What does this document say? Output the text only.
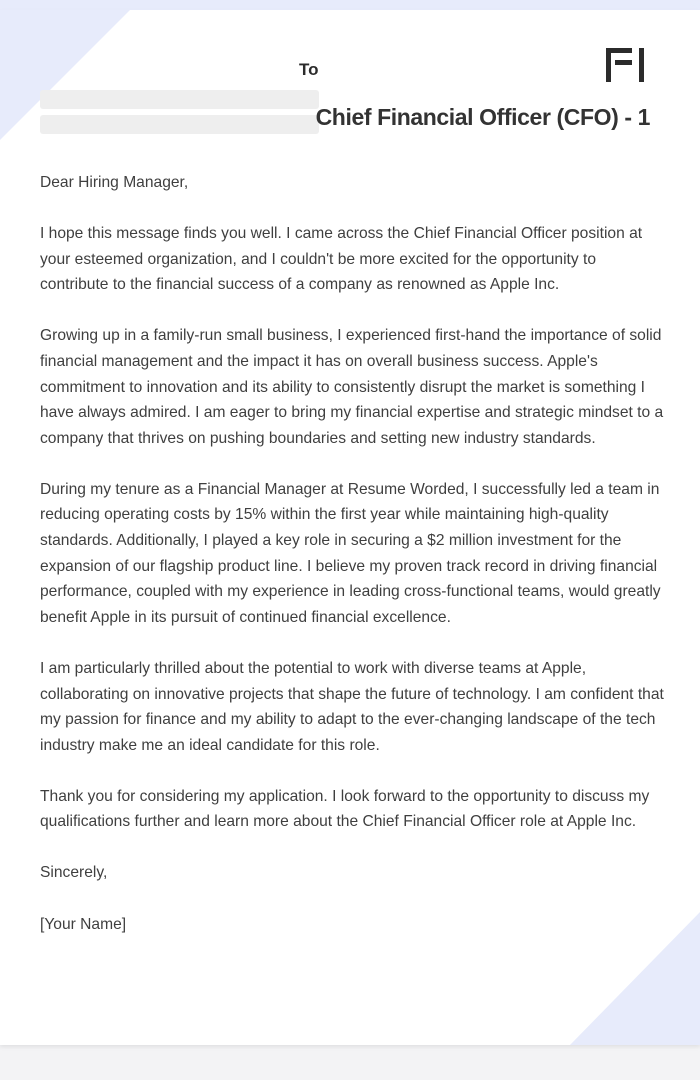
To
Chief Financial Officer (CFO) - 1

Dear Hiring Manager,

I hope this message finds you well. I came across the Chief Financial Officer position at your esteemed organization, and I couldn't be more excited for the opportunity to contribute to the financial success of a company as renowned as Apple Inc.

Growing up in a family-run small business, I experienced first-hand the importance of solid financial management and the impact it has on overall business success. Apple's commitment to innovation and its ability to consistently disrupt the market is something I have always admired. I am eager to bring my financial expertise and strategic mindset to a company that thrives on pushing boundaries and setting new industry standards.

During my tenure as a Financial Manager at Resume Worded, I successfully led a team in reducing operating costs by 15% within the first year while maintaining high-quality standards. Additionally, I played a key role in securing a $2 million investment for the expansion of our flagship product line. I believe my proven track record in driving financial performance, coupled with my experience in leading cross-functional teams, would greatly benefit Apple in its pursuit of continued financial excellence.

I am particularly thrilled about the potential to work with diverse teams at Apple, collaborating on innovative projects that shape the future of technology. I am confident that my passion for finance and my ability to adapt to the ever-changing landscape of the tech industry make me an ideal candidate for this role.

Thank you for considering my application. I look forward to the opportunity to discuss my qualifications further and learn more about the Chief Financial Officer role at Apple Inc.

Sincerely,

[Your Name]
